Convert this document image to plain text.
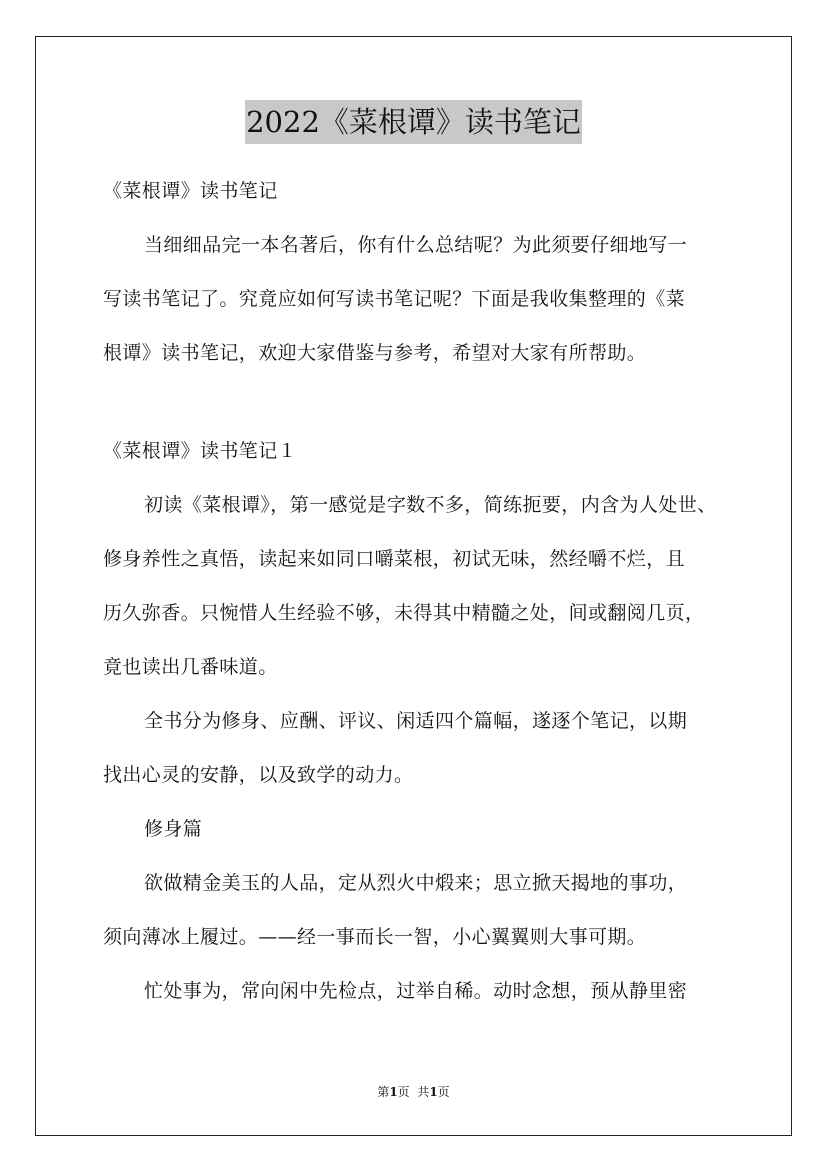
2022《菜根谭》读书笔记
《菜根谭》读书笔记
当细细品完一本名著后，你有什么总结呢？为此须要仔细地写一
写读书笔记了。究竟应如何写读书笔记呢？下面是我收集整理的《菜
根谭》读书笔记，欢迎大家借鉴与参考，希望对大家有所帮助。
《菜根谭》读书笔记１
初读《菜根谭》，第一感觉是字数不多，简练扼要，内含为人处世、
修身养性之真悟，读起来如同口嚼菜根，初试无味，然经嚼不烂，且
历久弥香。只惋惜人生经验不够，未得其中精髓之处，间或翻阅几页，
竟也读出几番味道。
全书分为修身、应酬、评议、闲适四个篇幅，遂逐个笔记，以期
找出心灵的安静，以及致学的动力。
修身篇
欲做精金美玉的人品，定从烈火中煅来；思立掀天揭地的事功，
须向薄冰上履过。——经一事而长一智，小心翼翼则大事可期。
忙处事为，常向闲中先检点，过举自稀。动时念想，预从静里密
第1页  共1页
